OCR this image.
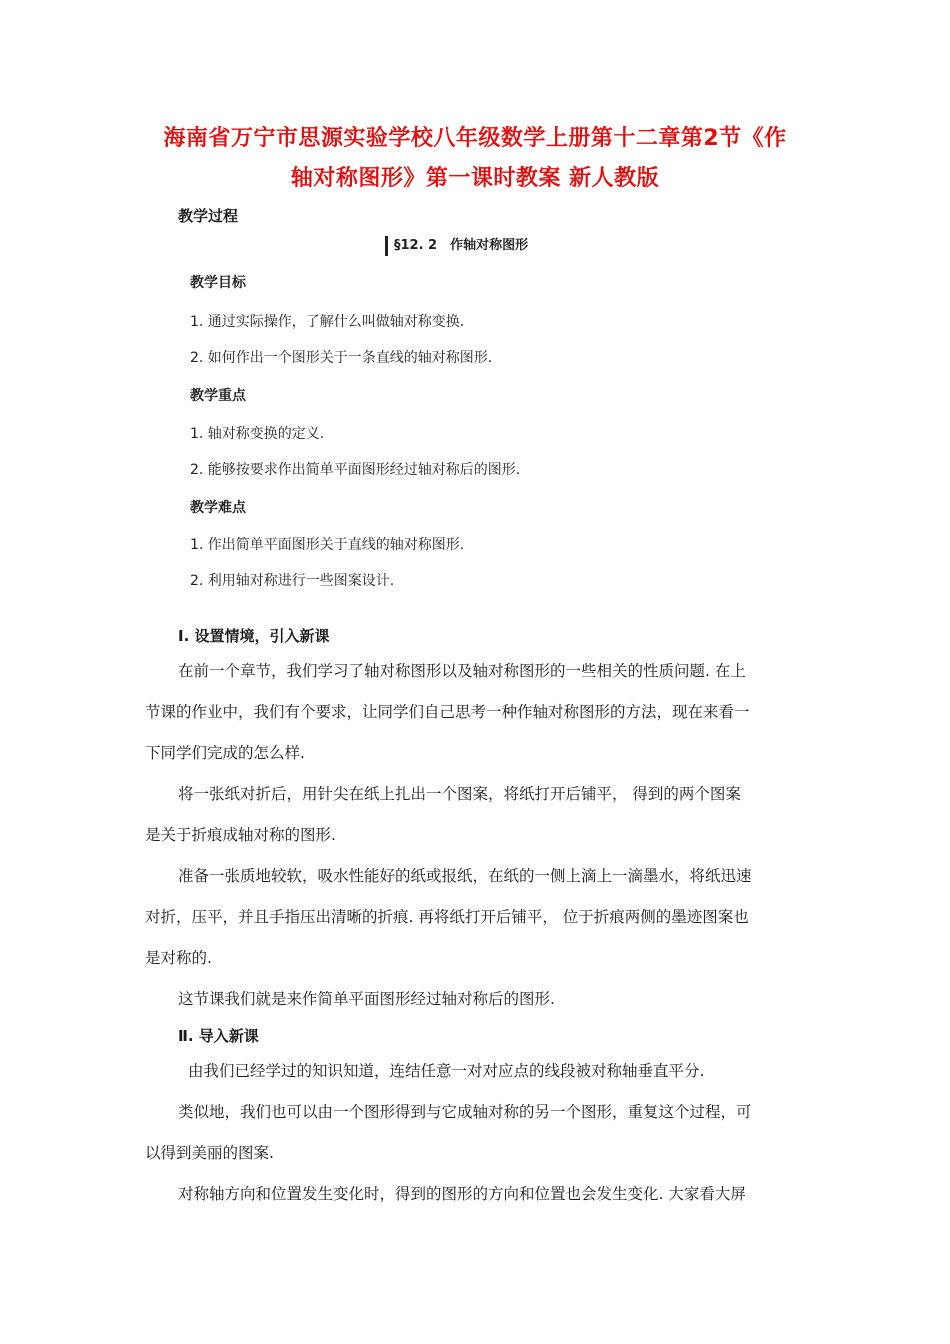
海南省万宁市思源实验学校八年级数学上册第十二章第2节《作
轴对称图形》第一课时教案 新人教版
教学过程
§12. 2　作轴对称图形
教学目标
1. 通过实际操作，了解什么叫做轴对称变换.
2. 如何作出一个图形关于一条直线的轴对称图形.
教学重点
1. 轴对称变换的定义.
2. 能够按要求作出简单平面图形经过轴对称后的图形.
教学难点
1. 作出简单平面图形关于直线的轴对称图形.
2. 利用轴对称进行一些图案设计.
Ⅰ. 设置情境，引入新课
在前一个章节，我们学习了轴对称图形以及轴对称图形的一些相关的性质问题. 在上
节课的作业中，我们有个要求，让同学们自己思考一种作轴对称图形的方法，现在来看一
下同学们完成的怎么样.
将一张纸对折后，用针尖在纸上扎出一个图案，将纸打开后铺平， 得到的两个图案
是关于折痕成轴对称的图形.
准备一张质地较软，吸水性能好的纸或报纸，在纸的一侧上滴上一滴墨水，将纸迅速
对折，压平，并且手指压出清晰的折痕. 再将纸打开后铺平， 位于折痕两侧的墨迹图案也
是对称的.
这节课我们就是来作简单平面图形经过轴对称后的图形.
Ⅱ. 导入新课
由我们已经学过的知识知道，连结任意一对对应点的线段被对称轴垂直平分.
类似地，我们也可以由一个图形得到与它成轴对称的另一个图形，重复这个过程，可
以得到美丽的图案.
对称轴方向和位置发生变化时，得到的图形的方向和位置也会发生变化. 大家看大屏
